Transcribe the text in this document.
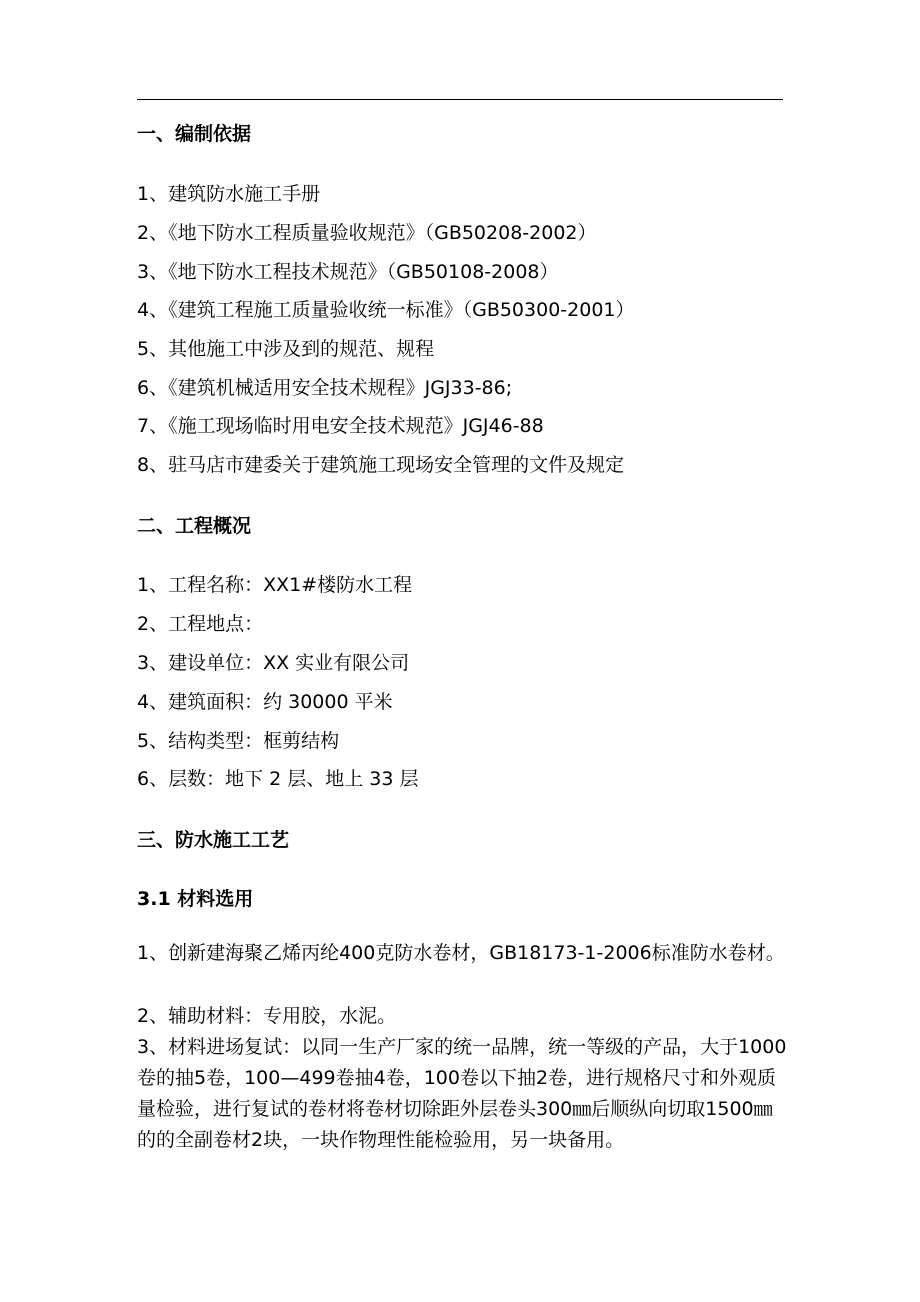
一、编制依据
1、建筑防水施工手册
2、《地下防水工程质量验收规范》（GB50208-2002）
3、《地下防水工程技术规范》（GB50108-2008）
4、《建筑工程施工质量验收统一标准》（GB50300-2001）
5、其他施工中涉及到的规范、规程
6、《建筑机械适用安全技术规程》JGJ33-86;
7、《施工现场临时用电安全技术规范》JGJ46-88
8、驻马店市建委关于建筑施工现场安全管理的文件及规定
二、工程概况
1、工程名称：XX1#楼防水工程
2、工程地点：
3、建设单位：XX 实业有限公司
4、建筑面积：约 30000 平米
5、结构类型：框剪结构
6、层数：地下 2 层、地上 33 层
三、防水施工工艺
3.1 材料选用
1、创新建海聚乙烯丙纶400克防水卷材，GB18173-1-2006标准防水卷材。
2、辅助材料：专用胶，水泥。
3、材料进场复试：以同一生产厂家的统一品牌，统一等级的产品，大于1000卷的抽5卷，100—499卷抽4卷，100卷以下抽2卷，进行规格尺寸和外观质量检验，进行复试的卷材将卷材切除距外层卷头300㎜后顺纵向切取1500㎜的的全副卷材2块，一块作物理性能检验用，另一块备用。
